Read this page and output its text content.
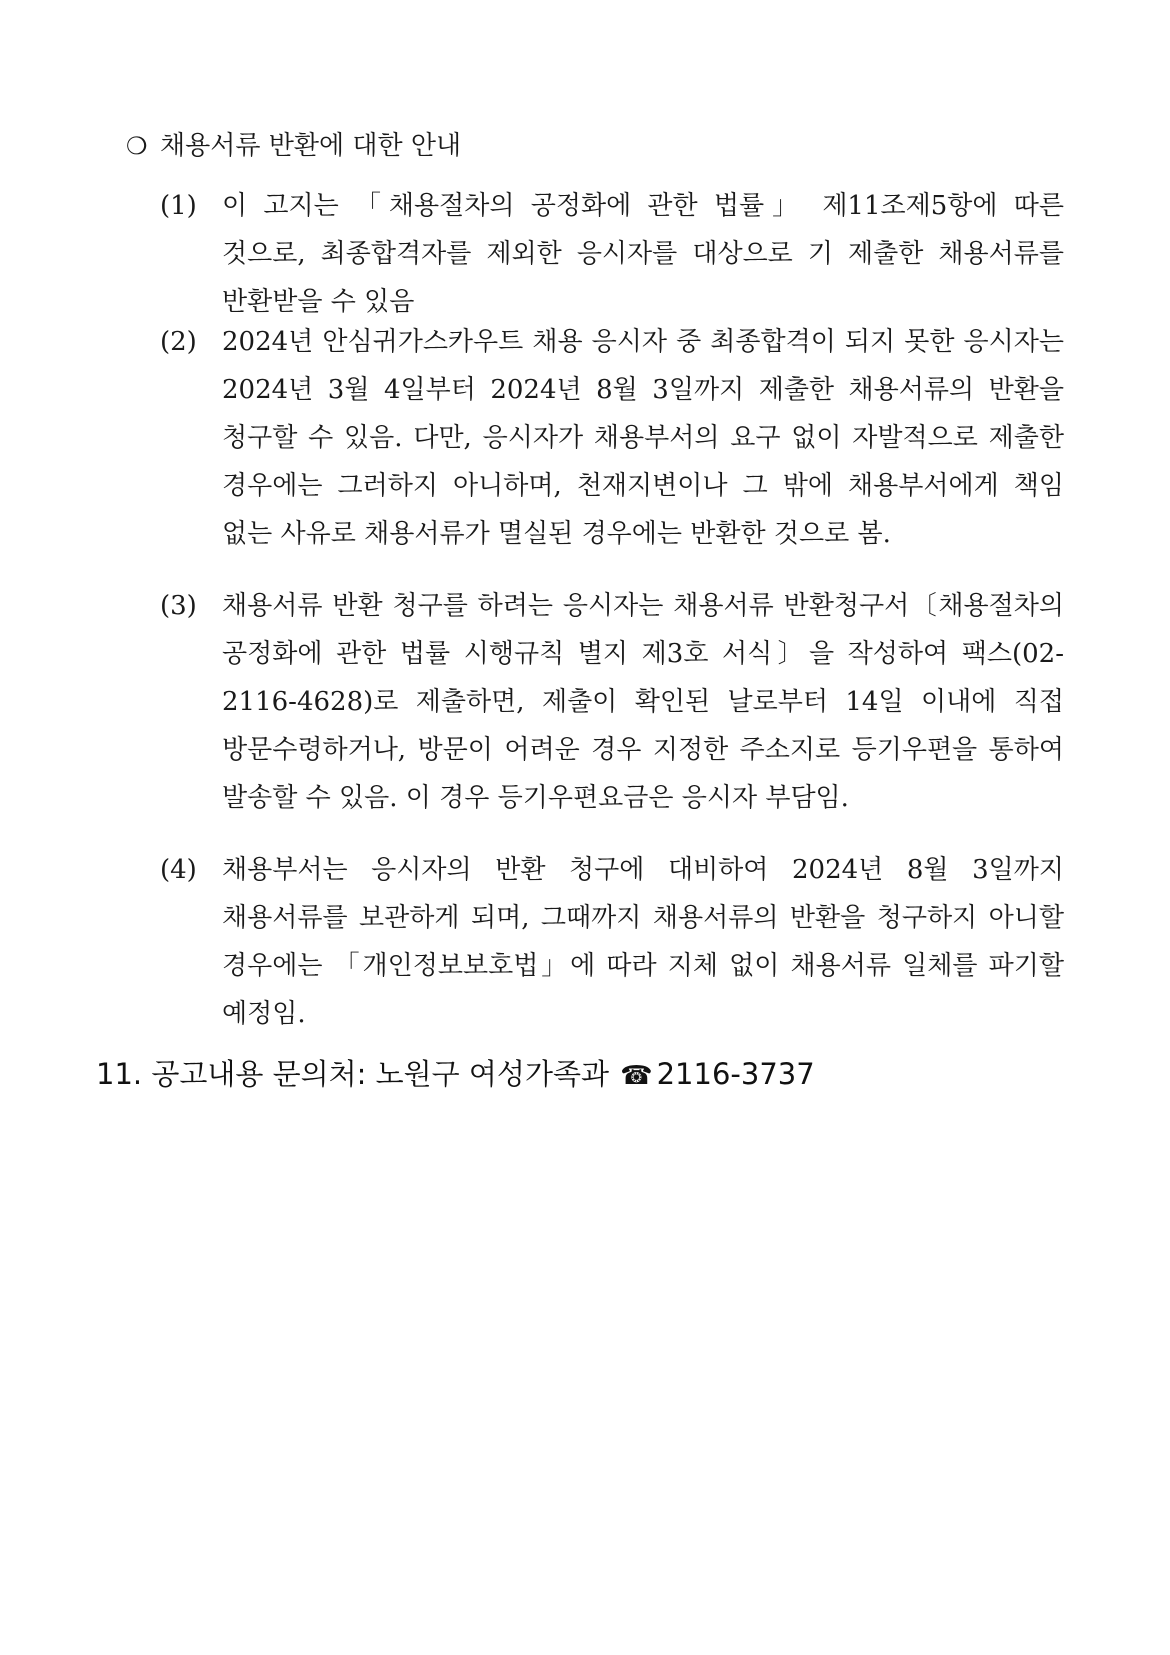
❍ 채용서류 반환에 대한 안내
(1) 이 고지는 「채용절차의 공정화에 관한 법률」 제11조제5항에 따른 것으로, 최종합격자를 제외한 응시자를 대상으로 기 제출한 채용서류를 반환받을 수 있음
(2) 2024년 안심귀가스카우트 채용 응시자 중 최종합격이 되지 못한 응시자는 2024년 3월 4일부터 2024년 8월 3일까지 제출한 채용서류의 반환을 청구할 수 있음. 다만, 응시자가 채용부서의 요구 없이 자발적으로 제출한 경우에는 그러하지 아니하며, 천재지변이나 그 밖에 채용부서에게 책임 없는 사유로 채용서류가 멸실된 경우에는 반환한 것으로 봄.
(3) 채용서류 반환 청구를 하려는 응시자는 채용서류 반환청구서〔채용절차의 공정화에 관한 법률 시행규칙 별지 제3호 서식〕을 작성하여 팩스(02-2116-4628)로 제출하면, 제출이 확인된 날로부터 14일 이내에 직접 방문수령하거나, 방문이 어려운 경우 지정한 주소지로 등기우편을 통하여 발송할 수 있음. 이 경우 등기우편요금은 응시자 부담임.
(4) 채용부서는 응시자의 반환 청구에 대비하여 2024년 8월 3일까지 채용서류를 보관하게 되며, 그때까지 채용서류의 반환을 청구하지 아니할 경우에는 「개인정보보호법」에 따라 지체 없이 채용서류 일체를 파기할 예정임.
11. 공고내용 문의처: 노원구 여성가족과 ☎ 2116-3737
